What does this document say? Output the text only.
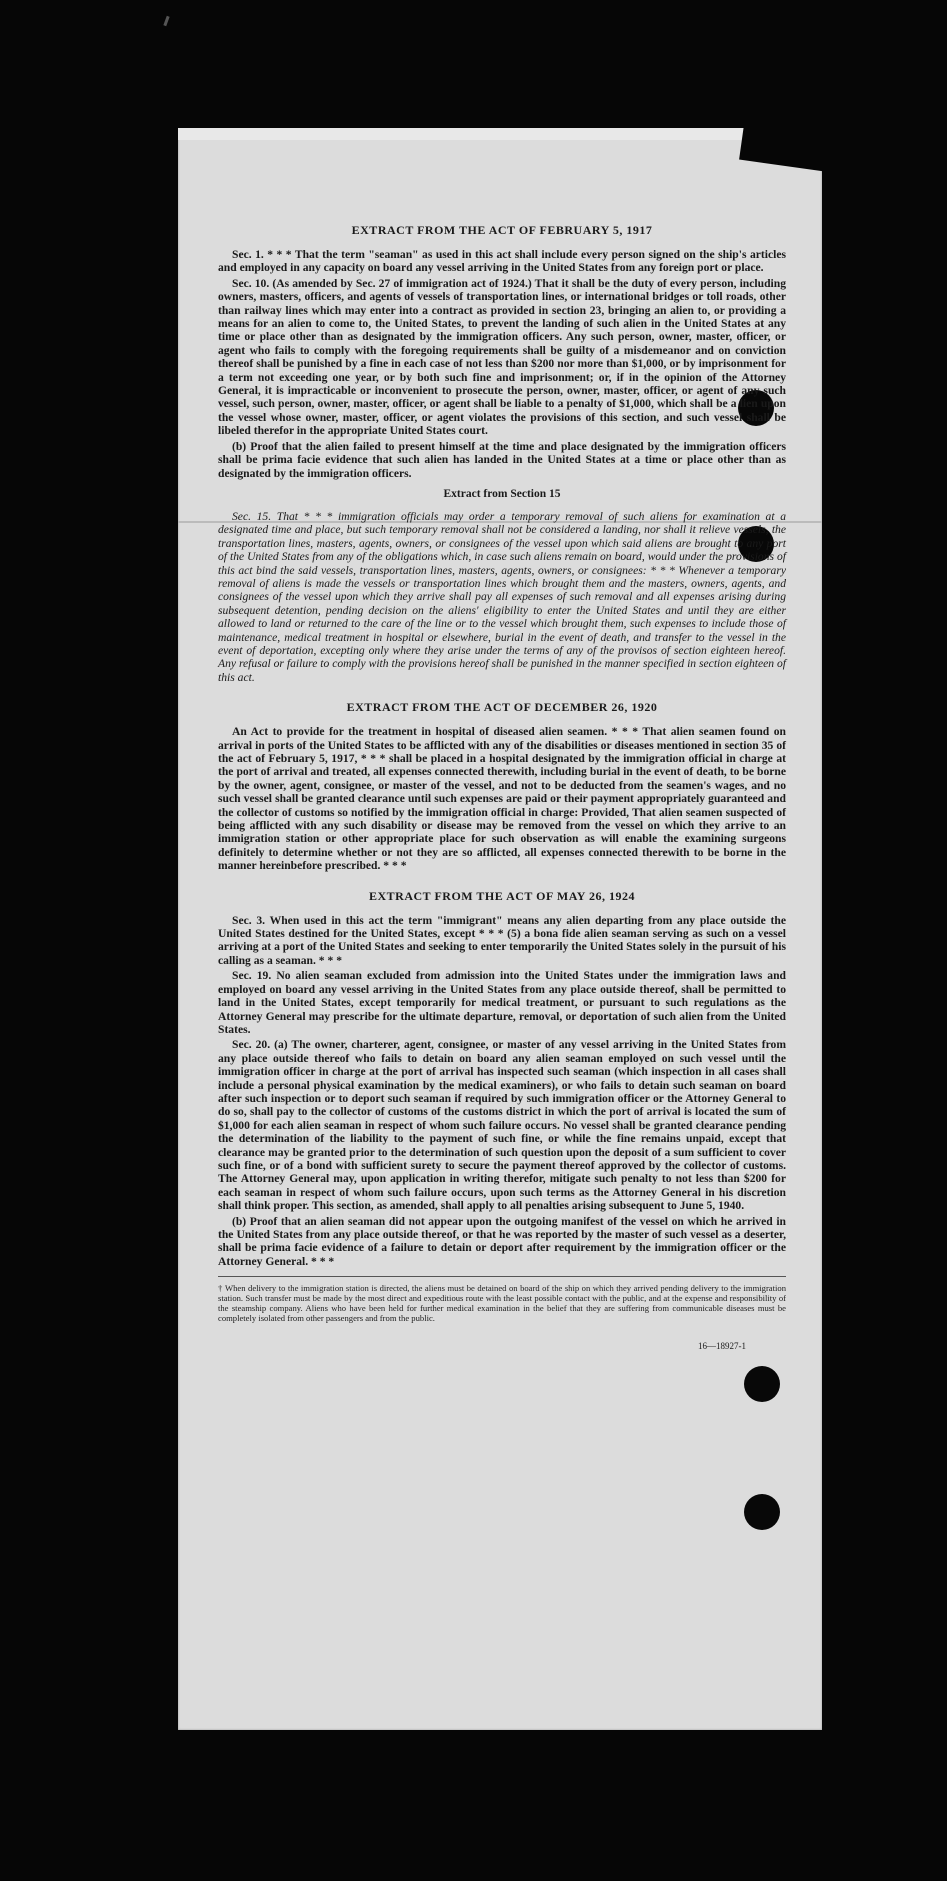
EXTRACT FROM THE ACT OF FEBRUARY 5, 1917

Sec. 1. * * * That the term "seaman" as used in this act shall include every person signed on the ship's articles and employed in any capacity on board any vessel arriving in the United States from any foreign port or place.

Sec. 10. (As amended by Sec. 27 of immigration act of 1924.) That it shall be the duty of every person, including owners, masters, officers, and agents of vessels of transportation lines, or international bridges or toll roads, other than railway lines which may enter into a contract as provided in section 23, bringing an alien to, or providing a means for an alien to come to, the United States, to prevent the landing of such alien in the United States at any time or place other than as designated by the immigration officers. Any such person, owner, master, officer, or agent who fails to comply with the foregoing requirements shall be guilty of a misdemeanor and on conviction thereof shall be punished by a fine in each case of not less than $200 nor more than $1,000, or by imprisonment for a term not exceeding one year, or by both such fine and imprisonment; or, if in the opinion of the Attorney General, it is impracticable or inconvenient to prosecute the person, owner, master, officer, or agent of any such vessel, such person, owner, master, officer, or agent shall be liable to a penalty of $1,000, which shall be a lien upon the vessel whose owner, master, officer, or agent violates the provisions of this section, and such vessel shall be libeled therefor in the appropriate United States court.

(b) Proof that the alien failed to present himself at the time and place designated by the immigration officers shall be prima facie evidence that such alien has landed in the United States at a time or place other than as designated by the immigration officers.

Extract from Section 15

Sec. 15. That * * * immigration officials may order a temporary removal of such aliens for examination at a designated time and place, but such temporary removal shall not be considered a landing, nor shall it relieve vessels, the transportation lines, masters, agents, owners, or consignees of the vessel upon which said aliens are brought to any port of the United States from any of the obligations which, in case such aliens remain on board, would under the provisions of this act bind the said vessels, transportation lines, masters, agents, owners, or consignees: * * * Whenever a temporary removal of aliens is made the vessels or transportation lines which brought them and the masters, owners, agents, and consignees of the vessel upon which they arrive shall pay all expenses of such removal and all expenses arising during subsequent detention, pending decision on the aliens' eligibility to enter the United States and until they are either allowed to land or returned to the care of the line or to the vessel which brought them, such expenses to include those of maintenance, medical treatment in hospital or elsewhere, burial in the event of death, and transfer to the vessel in the event of deportation, excepting only where they arise under the terms of any of the provisos of section eighteen hereof. Any refusal or failure to comply with the provisions hereof shall be punished in the manner specified in section eighteen of this act.

EXTRACT FROM THE ACT OF DECEMBER 26, 1920

An Act to provide for the treatment in hospital of diseased alien seamen. * * * That alien seamen found on arrival in ports of the United States to be afflicted with any of the disabilities or diseases mentioned in section 35 of the act of February 5, 1917, * * * shall be placed in a hospital designated by the immigration official in charge at the port of arrival and treated, all expenses connected therewith, including burial in the event of death, to be borne by the owner, agent, consignee, or master of the vessel, and not to be deducted from the seamen's wages, and no such vessel shall be granted clearance until such expenses are paid or their payment appropriately guaranteed and the collector of customs so notified by the immigration official in charge: Provided, That alien seamen suspected of being afflicted with any such disability or disease may be removed from the vessel on which they arrive to an immigration station or other appropriate place for such observation as will enable the examining surgeons definitely to determine whether or not they are so afflicted, all expenses connected therewith to be borne in the manner hereinbefore prescribed. * * *

EXTRACT FROM THE ACT OF MAY 26, 1924

Sec. 3. When used in this act the term "immigrant" means any alien departing from any place outside the United States destined for the United States, except * * * (5) a bona fide alien seaman serving as such on a vessel arriving at a port of the United States and seeking to enter temporarily the United States solely in the pursuit of his calling as a seaman. * * *

Sec. 19. No alien seaman excluded from admission into the United States under the immigration laws and employed on board any vessel arriving in the United States from any place outside thereof, shall be permitted to land in the United States, except temporarily for medical treatment, or pursuant to such regulations as the Attorney General may prescribe for the ultimate departure, removal, or deportation of such alien from the United States.

Sec. 20. (a) The owner, charterer, agent, consignee, or master of any vessel arriving in the United States from any place outside thereof who fails to detain on board any alien seaman employed on such vessel until the immigration officer in charge at the port of arrival has inspected such seaman (which inspection in all cases shall include a personal physical examination by the medical examiners), or who fails to detain such seaman on board after such inspection or to deport such seaman if required by such immigration officer or the Attorney General to do so, shall pay to the collector of customs of the customs district in which the port of arrival is located the sum of $1,000 for each alien seaman in respect of whom such failure occurs. No vessel shall be granted clearance pending the determination of the liability to the payment of such fine, or while the fine remains unpaid, except that clearance may be granted prior to the determination of such question upon the deposit of a sum sufficient to cover such fine, or of a bond with sufficient surety to secure the payment thereof approved by the collector of customs. The Attorney General may, upon application in writing therefor, mitigate such penalty to not less than $200 for each seaman in respect of whom such failure occurs, upon such terms as the Attorney General in his discretion shall think proper. This section, as amended, shall apply to all penalties arising subsequent to June 5, 1940.

(b) Proof that an alien seaman did not appear upon the outgoing manifest of the vessel on which he arrived in the United States from any place outside thereof, or that he was reported by the master of such vessel as a deserter, shall be prima facie evidence of a failure to detain or deport after requirement by the immigration officer or the Attorney General. * * *

† When delivery to the immigration station is directed, the aliens must be detained on board of the ship on which they arrived pending delivery to the immigration station. Such transfer must be made by the most direct and expeditious route with the least possible contact with the public, and at the expense and responsibility of the steamship company. Aliens who have been held for further medical examination in the belief that they are suffering from communicable diseases must be completely isolated from other passengers and from the public.
16—18927-1
